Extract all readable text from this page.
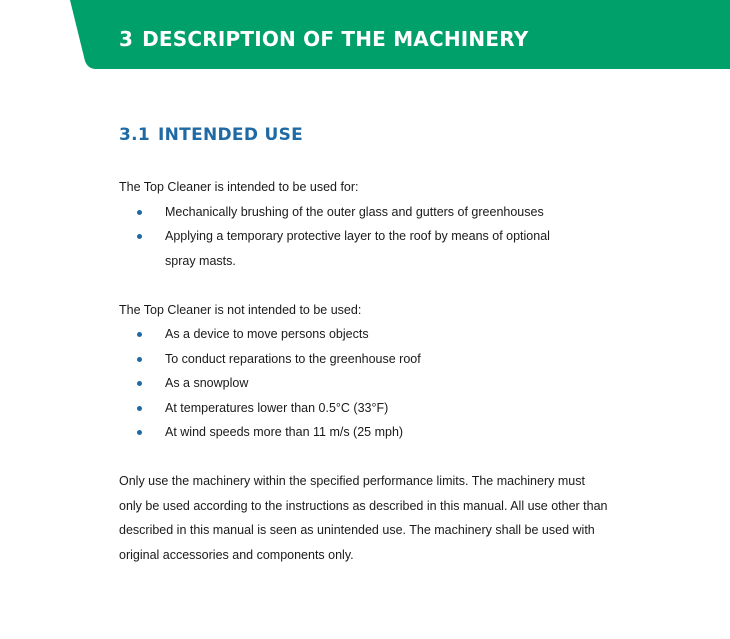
3 DESCRIPTION OF THE MACHINERY
3.1 INTENDED USE

The Top Cleaner is intended to be used for:

Mechanically brushing of the outer glass and gutters of greenhouses
Applying a temporary protective layer to the roof by means of optional spray masts.

The Top Cleaner is not intended to be used:

As a device to move persons objects
To conduct reparations to the greenhouse roof
As a snowplow
At temperatures lower than 0.5°C (33°F)
At wind speeds more than 11 m/s (25 mph)

Only use the machinery within the specified performance limits. The machinery must only be used according to the instructions as described in this manual. All use other than described in this manual is seen as unintended use. The machinery shall be used with original accessories and components only.
